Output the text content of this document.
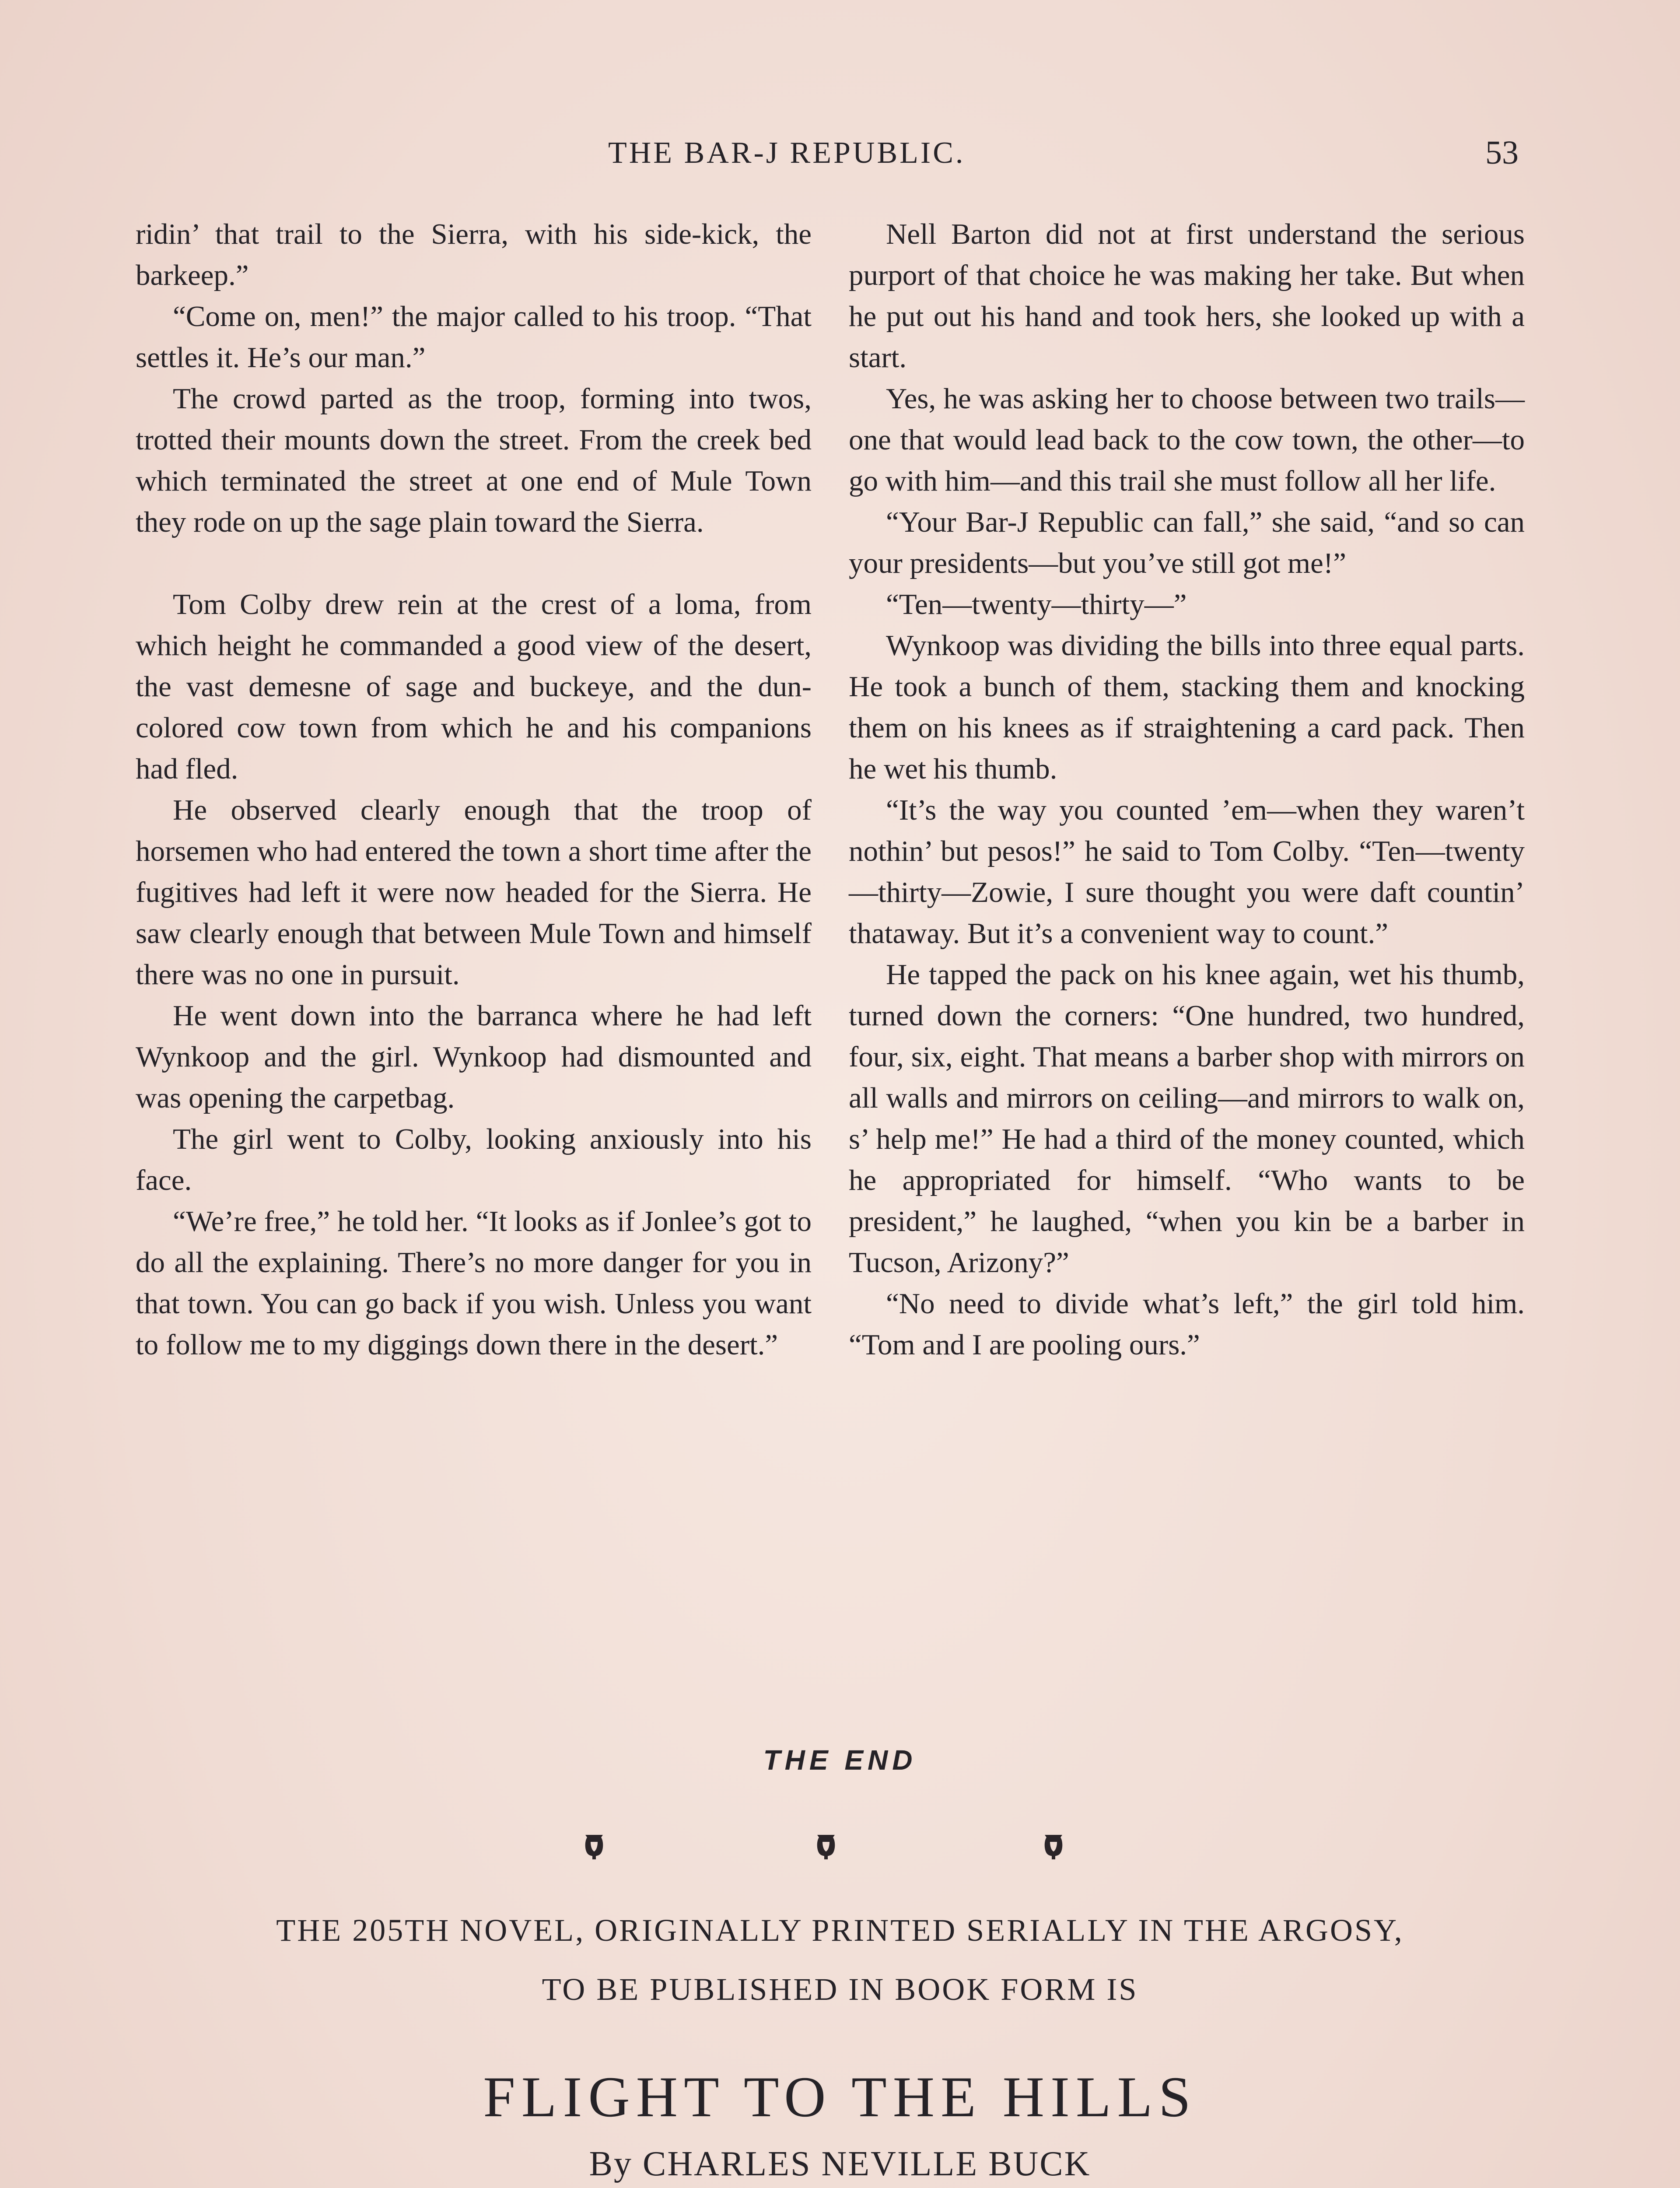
THE BAR-J REPUBLIC.	53

ridin’ that trail to the Sierra, with his side-kick, the barkeep.”

“Come on, men!” the major called to his troop. “That settles it. He’s our man.”

The crowd parted as the troop, forming into twos, trotted their mounts down the street. From the creek bed which terminated the street at one end of Mule Town they rode on up the sage plain toward the Sierra.

Tom Colby drew rein at the crest of a loma, from which height he commanded a good view of the desert, the vast demesne of sage and buckeye, and the dun-colored cow town from which he and his companions had fled.

He observed clearly enough that the troop of horsemen who had entered the town a short time after the fugitives had left it were now headed for the Sierra. He saw clearly enough that between Mule Town and himself there was no one in pursuit.

He went down into the barranca where he had left Wynkoop and the girl. Wynkoop had dismounted and was opening the carpetbag.

The girl went to Colby, looking anxiously into his face.

“We’re free,” he told her. “It looks as if Jonlee’s got to do all the explaining. There’s no more danger for you in that town. You can go back if you wish. Unless you want to follow me to my diggings down there in the desert.”

Nell Barton did not at first understand the serious purport of that choice he was making her take. But when he put out his hand and took hers, she looked up with a start.

Yes, he was asking her to choose between two trails—one that would lead back to the cow town, the other—to go with him—and this trail she must follow all her life.

“Your Bar-J Republic can fall,” she said, “and so can your presidents—but you’ve still got me!”

“Ten—twenty—thirty—”

Wynkoop was dividing the bills into three equal parts. He took a bunch of them, stacking them and knocking them on his knees as if straightening a card pack. Then he wet his thumb.

“It’s the way you counted ’em—when they waren’t nothin’ but pesos!” he said to Tom Colby. “Ten—twenty—thirty—Zowie, I sure thought you were daft countin’ thataway. But it’s a convenient way to count.”

He tapped the pack on his knee again, wet his thumb, turned down the corners: “One hundred, two hundred, four, six, eight. That means a barber shop with mirrors on all walls and mirrors on ceiling—and mirrors to walk on, s’ help me!” He had a third of the money counted, which he appropriated for himself. “Who wants to be president,” he laughed, “when you kin be a barber in Tucson, Arizony?”

“No need to divide what’s left,” the girl told him. “Tom and I are pooling ours.”

THE END
THE 205TH NOVEL, ORIGINALLY PRINTED SERIALLY IN THE ARGOSY,
TO BE PUBLISHED IN BOOK FORM IS
FLIGHT TO THE HILLS
By CHARLES NEVILLE BUCK
